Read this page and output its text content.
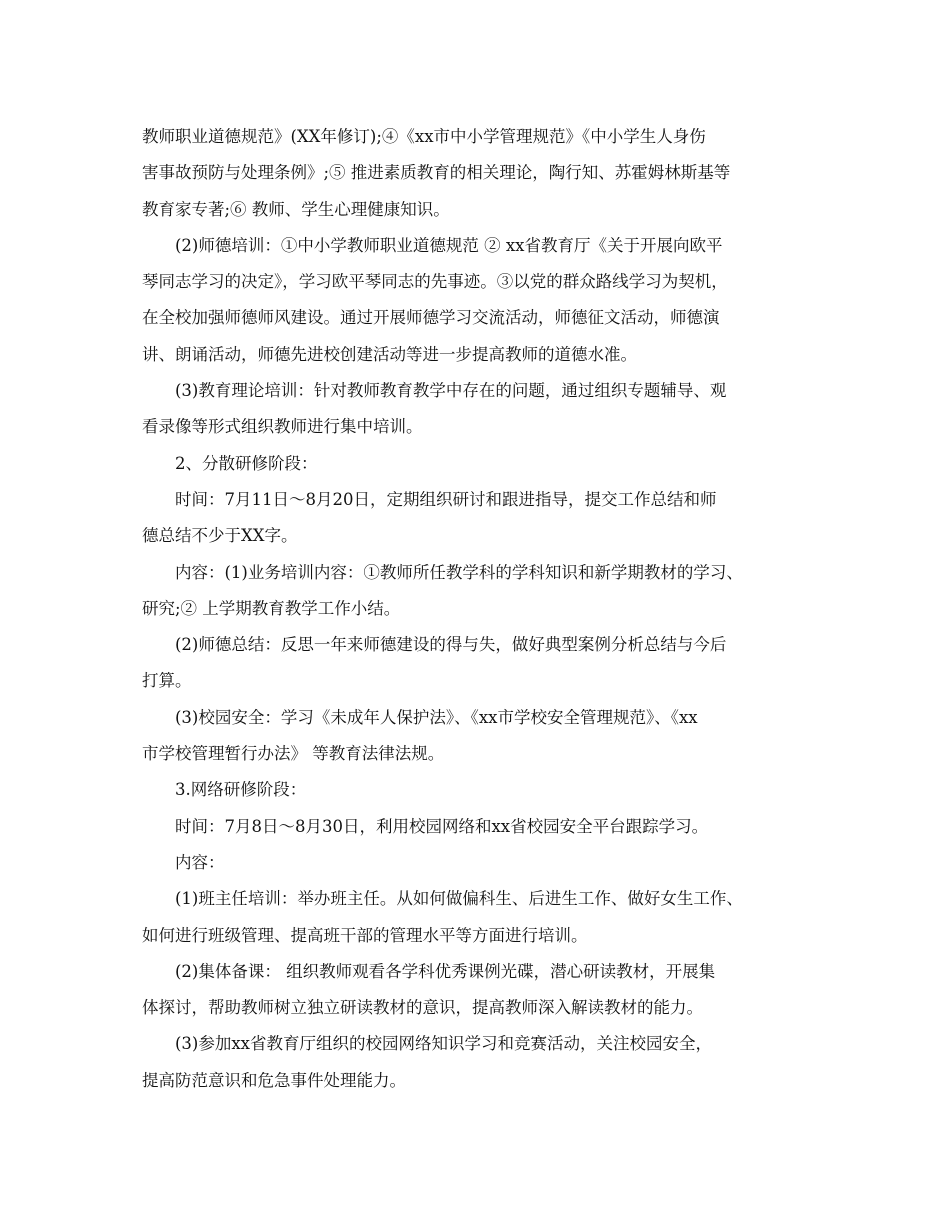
教师职业道德规范》(XX年修订);④《xx市中小学管理规范》《中小学生人身伤
害事故预防与处理条例》;⑤ 推进素质教育的相关理论，陶行知、苏霍姆林斯基等
教育家专著;⑥ 教师、学生心理健康知识。
(2)师德培训：①中小学教师职业道德规范 ② xx省教育厅《关于开展向欧平
琴同志学习的决定》，学习欧平琴同志的先事迹。③以党的群众路线学习为契机，
在全校加强师德师风建设。通过开展师德学习交流活动，师德征文活动，师德演
讲、朗诵活动，师德先进校创建活动等进一步提高教师的道德水准。
(3)教育理论培训：针对教师教育教学中存在的问题，通过组织专题辅导、观
看录像等形式组织教师进行集中培训。
2、分散研修阶段：
时间：7月11日～8月20日，定期组织研讨和跟进指导，提交工作总结和师
德总结不少于XX字。
内容：(1)业务培训内容：①教师所任教学科的学科知识和新学期教材的学习、
研究;② 上学期教育教学工作小结。
(2)师德总结：反思一年来师德建设的得与失，做好典型案例分析总结与今后
打算。
(3)校园安全：学习《未成年人保护法》、《xx市学校安全管理规范》、《xx
市学校管理暂行办法》 等教育法律法规。
3.网络研修阶段：
时间：7月8日～8月30日，利用校园网络和xx省校园安全平台跟踪学习。
内容：
(1)班主任培训：举办班主任。从如何做偏科生、后进生工作、做好女生工作、
如何进行班级管理、提高班干部的管理水平等方面进行培训。
(2)集体备课： 组织教师观看各学科优秀课例光碟，潜心研读教材，开展集
体探讨，帮助教师树立独立研读教材的意识，提高教师深入解读教材的能力。
(3)参加xx省教育厅组织的校园网络知识学习和竞赛活动，关注校园安全，
提高防范意识和危急事件处理能力。
